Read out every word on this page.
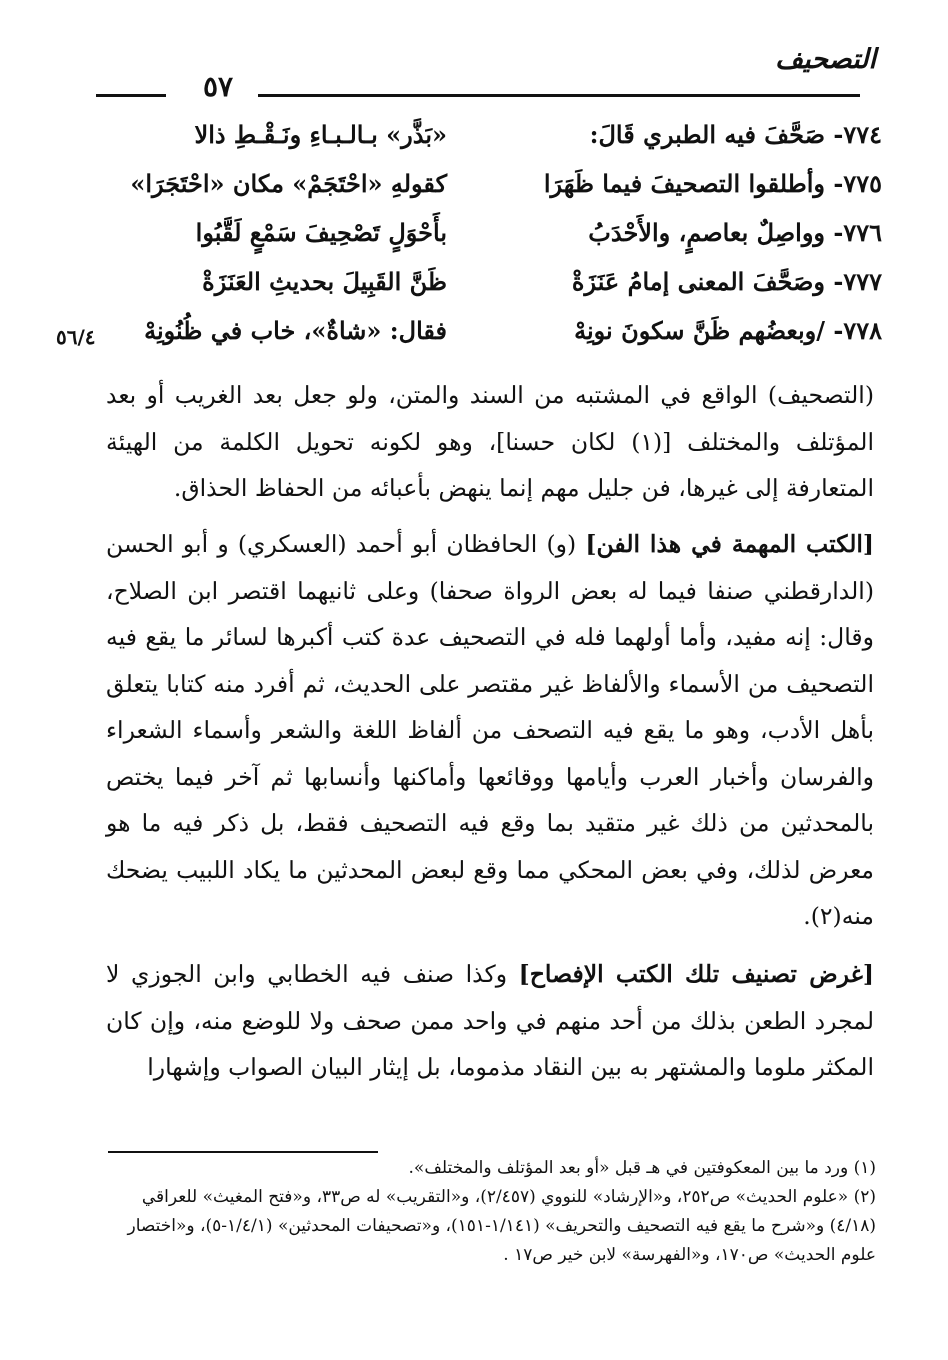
التصحيف
٥٧
٧٧٤- صَحَّفَ فيه الطبري قَالَ:
«بَذَّر» بـالـبـاءِ ونَـقْـطِ ذالا
٧٧٥- وأطلقوا التصحيفَ فيما ظَهَرَا
كقولهِ «احْتَجَمْ» مكان «احْتَجَرَا»
٧٧٦- وواصِلٌ بعاصمٍ، والأَحْدَبُ
بأَحْوَلٍ تَصْحِيفَ سَمْعٍ لَقَّبُوا
٧٧٧- وصَحَّفَ المعنى إمامُ عَنَزَةْ
ظَنَّ القَبِيلَ بحديثِ العَنَزَةْ
٧٧٨- /وبعضُهم ظَنَّ سكونَ نونِهْ
فقال: «شاةٌ»، خاب في ظُنُونِهْ
٥٦/٤

(التصحيف) الواقع في المشتبه من السند والمتن، ولو جعل بعد الغريب أو بعد المؤتلف والمختلف [(١) لكان حسنا]، وهو لكونه تحويل الكلمة من الهيئة المتعارفة إلى غيرها، فن جليل مهم إنما ينهض بأعبائه من الحفاظ الحذاق.

[الكتب المهمة في هذا الفن] (و) الحافظان أبو أحمد (العسكري) و أبو الحسن (الدارقطني صنفا فيما له بعض الرواة صحفا) وعلى ثانيهما اقتصر ابن الصلاح، وقال: إنه مفيد، وأما أولهما فله في التصحيف عدة كتب أكبرها لسائر ما يقع فيه التصحيف من الأسماء والألفاظ غير مقتصر على الحديث، ثم أفرد منه كتابا يتعلق بأهل الأدب، وهو ما يقع فيه التصحف من ألفاظ اللغة والشعر وأسماء الشعراء والفرسان وأخبار العرب وأيامها ووقائعها وأماكنها وأنسابها ثم آخر فيما يختص بالمحدثين من ذلك غير متقيد بما وقع فيه التصحيف فقط، بل ذكر فيه ما هو معرض لذلك، وفي بعض المحكي مما وقع لبعض المحدثين ما يكاد اللبيب يضحك منه(٢).

[غرض تصنيف تلك الكتب الإفصاح] وكذا صنف فيه الخطابي وابن الجوزي لا لمجرد الطعن بذلك من أحد منهم في واحد ممن صحف ولا للوضع منه، وإن كان المكثر ملوما والمشتهر به بين النقاد مذموما، بل إيثار البيان الصواب وإشهارا

(١) ورد ما بين المعكوفتين في هـ قبل «أو بعد المؤتلف والمختلف».

(٢) «علوم الحديث» ص٢٥٢، و«الإرشاد» للنووي (٢/٤٥٧)، و«التقريب» له ص٣٣، و«فتح المغيث» للعراقي (٤/١٨) و«شرح ما يقع فيه التصحيف والتحريف» (١/١٤١-١٥١)، و«تصحيفات المحدثين» (١/٤/١-٥)، و«اختصار علوم الحديث» ص١٧٠، و«الفهرسة» لابن خير ص١٧ .
